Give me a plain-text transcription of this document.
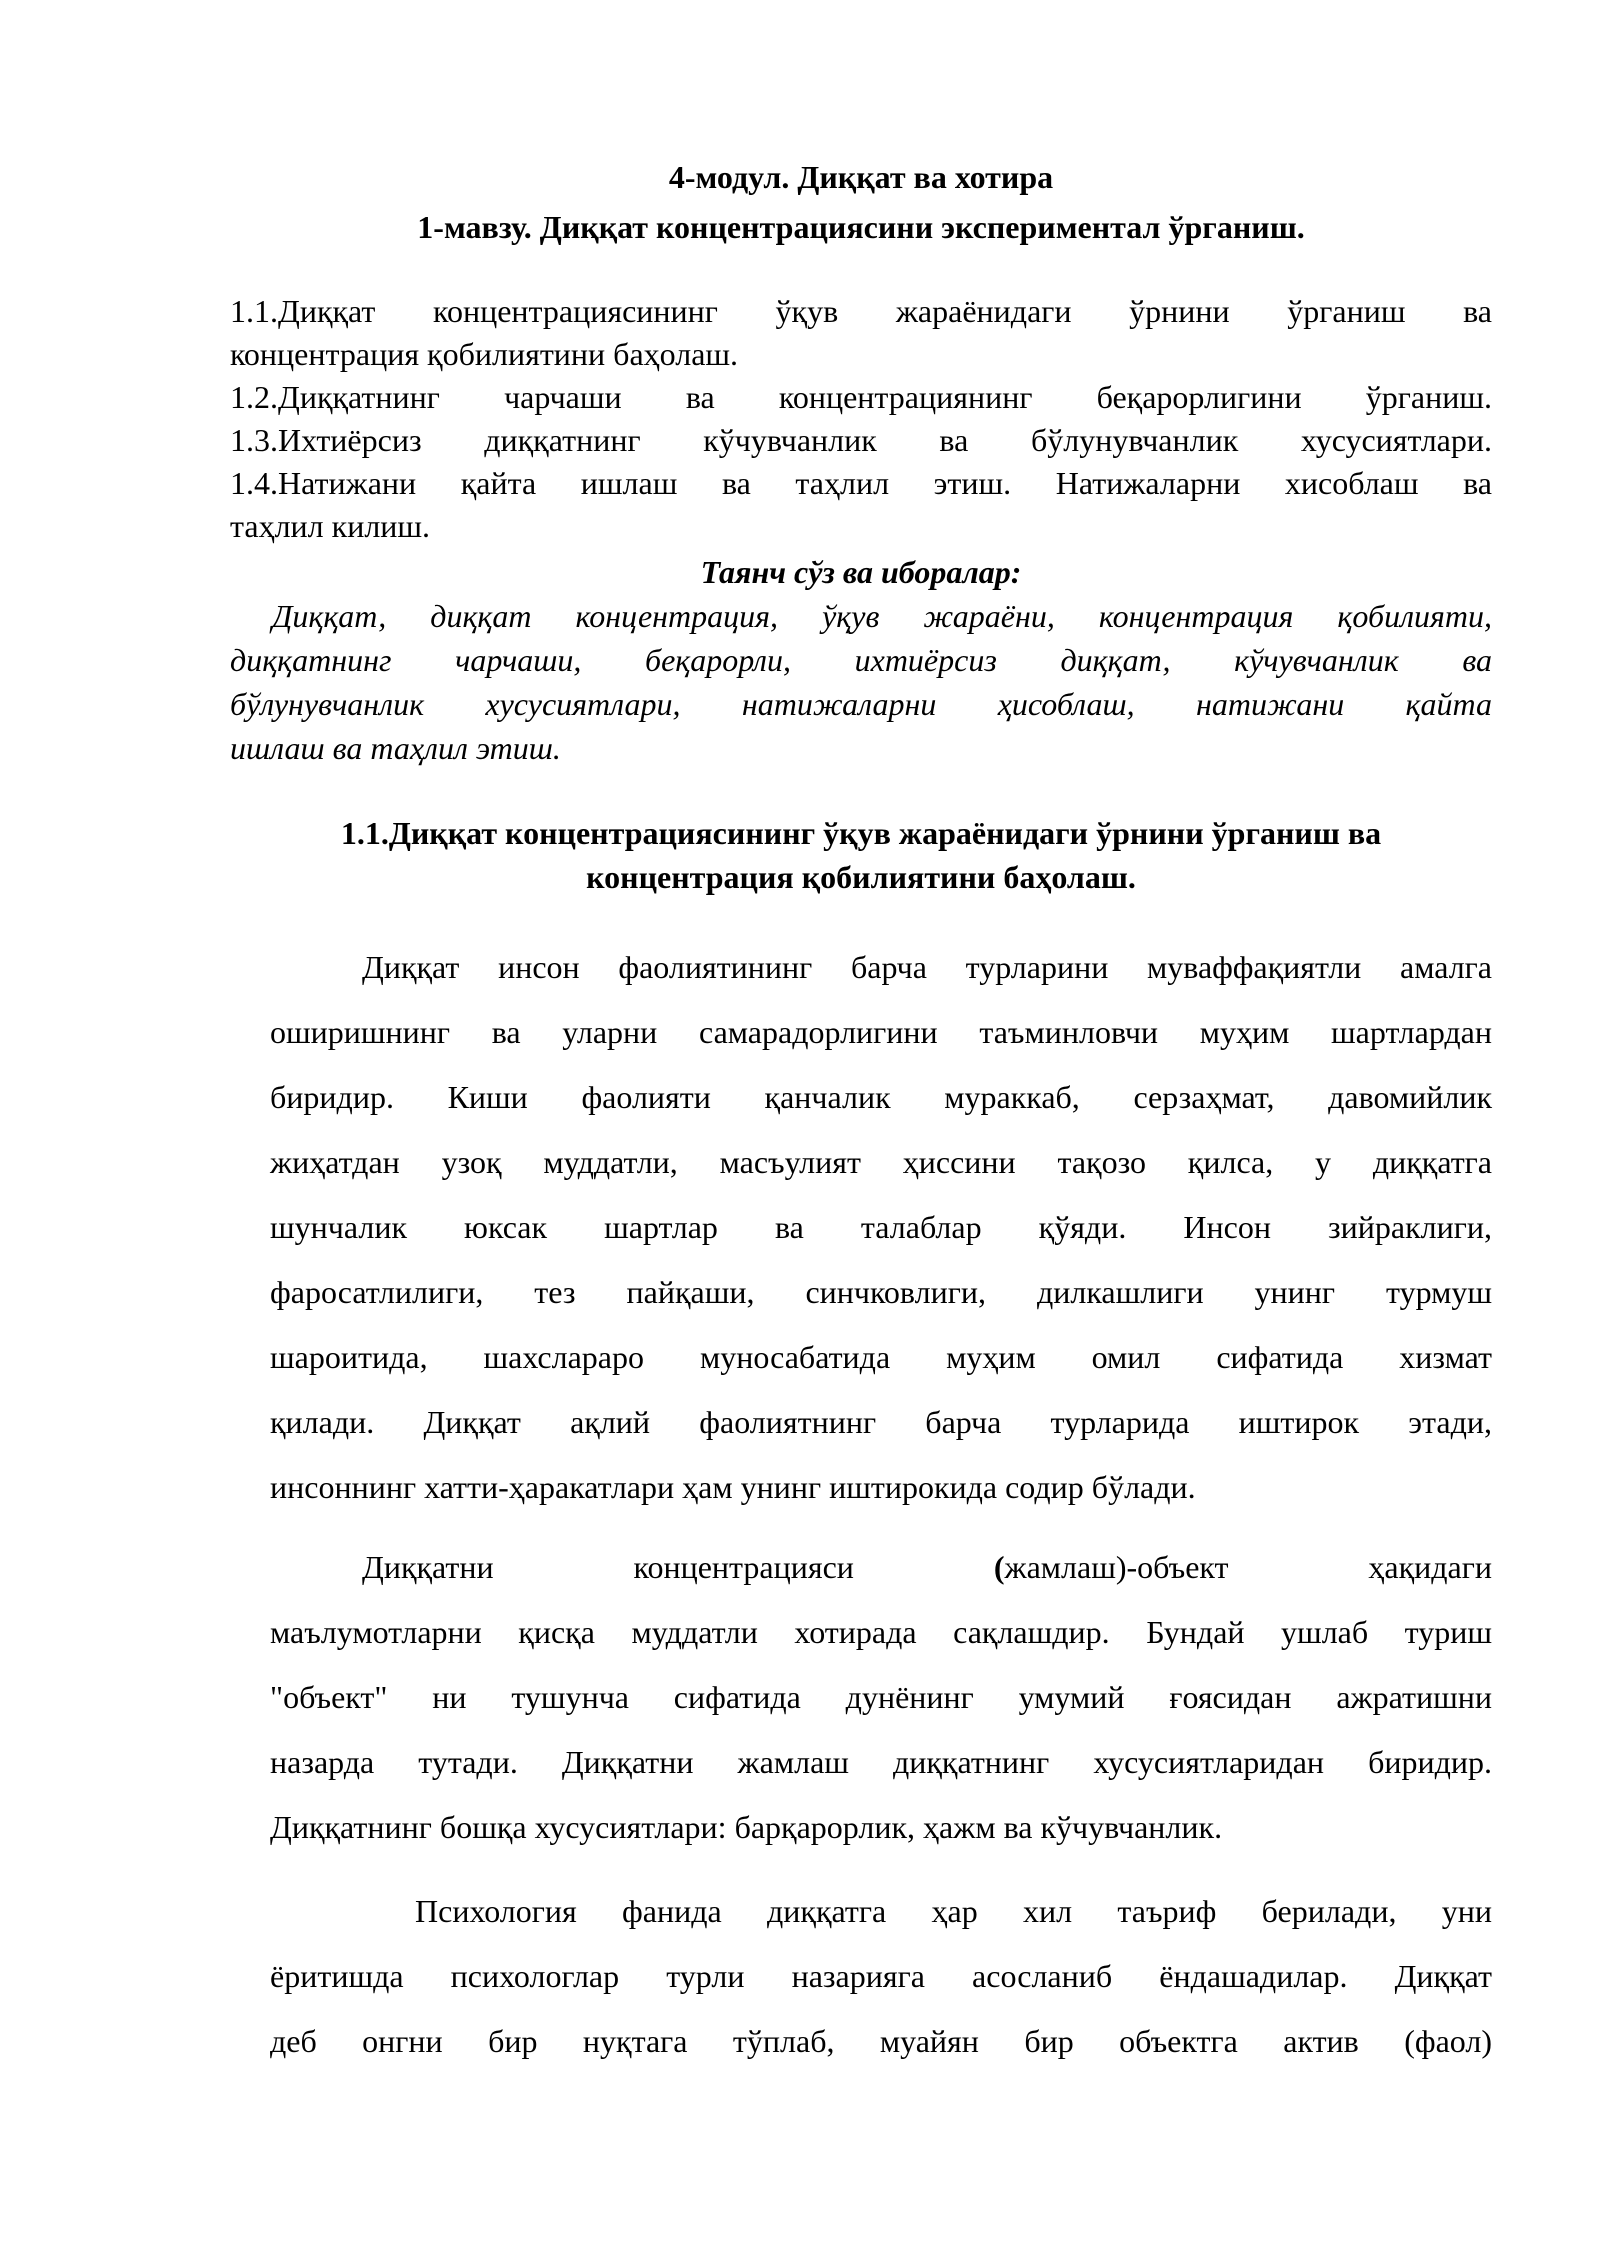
4-модул. Диққат ва хотира
1-мавзу. Диққат концентрациясини экспериментал ўрганиш.
1.1.Диққат концентрациясининг ўқув жараёнидаги ўрнини ўрганиш ва
концентрация қобилиятини баҳолаш.
1.2.Диққатнинг чарчаши ва концентрациянинг беқарорлигини ўрганиш.
1.3.Ихтиёрсиз диққатнинг кўчувчанлик ва бўлунувчанлик хусусиятлари.
1.4.Натижани қайта ишлаш ва таҳлил этиш. Натижаларни хисоблаш ва
таҳлил килиш.
Таянч сўз ва иборалар:
Диққат, диққат концентрация, ўқув жараёни, концентрация қобилияти,
диққатнинг чарчаши, беқарорли, ихтиёрсиз диққат, кўчувчанлик ва
бўлунувчанлик хусусиятлари, натижаларни ҳисоблаш, натижани қайта
ишлаш ва таҳлил этиш.
1.1.Диққат концентрациясининг ўқув жараёнидаги ўрнини ўрганиш ва
концентрация қобилиятини баҳолаш.
Диққат инсон фаолиятининг барча турларини муваффақиятли амалга
оширишнинг ва уларни самарадорлигини таъминловчи муҳим шартлардан
биридир. Киши фаолияти қанчалик мураккаб, серзаҳмат, давомийлик
жиҳатдан узоқ муддатли, масъулият ҳиссини тақозо қилса, у диққатга
шунчалик юксак шартлар ва талаблар қўяди. Инсон зийраклиги,
фаросатлилиги, тез пайқаши, синчковлиги, дилкашлиги унинг турмуш
шароитида, шахслараро муносабатида муҳим омил сифатида хизмат
қилади. Диққат ақлий фаолиятнинг барча турларида иштирок этади,
инсоннинг хатти-ҳаракатлари ҳам унинг иштирокида содир бўлади.
Диққатни концентрацияси	(жамлаш)-объект ҳақидаги
маълумотларни қисқа муддатли хотирада сақлашдир. Бундай ушлаб туриш
"объект" ни тушунча сифатида дунёнинг умумий ғоясидан ажратишни
назарда тутади. Диққатни жамлаш диққатнинг хусусиятларидан биридир.
Диққатнинг бошқа хусусиятлари: барқарорлик, ҳажм ва кўчувчанлик.
Психология фанида диққатга ҳар хил таъриф берилади, уни
ёритишда психологлар турли назарияга асосланиб ёндашадилар. Диққат
деб онгни бир нуқтага тўплаб, муайян бир объектга актив (фаол)
